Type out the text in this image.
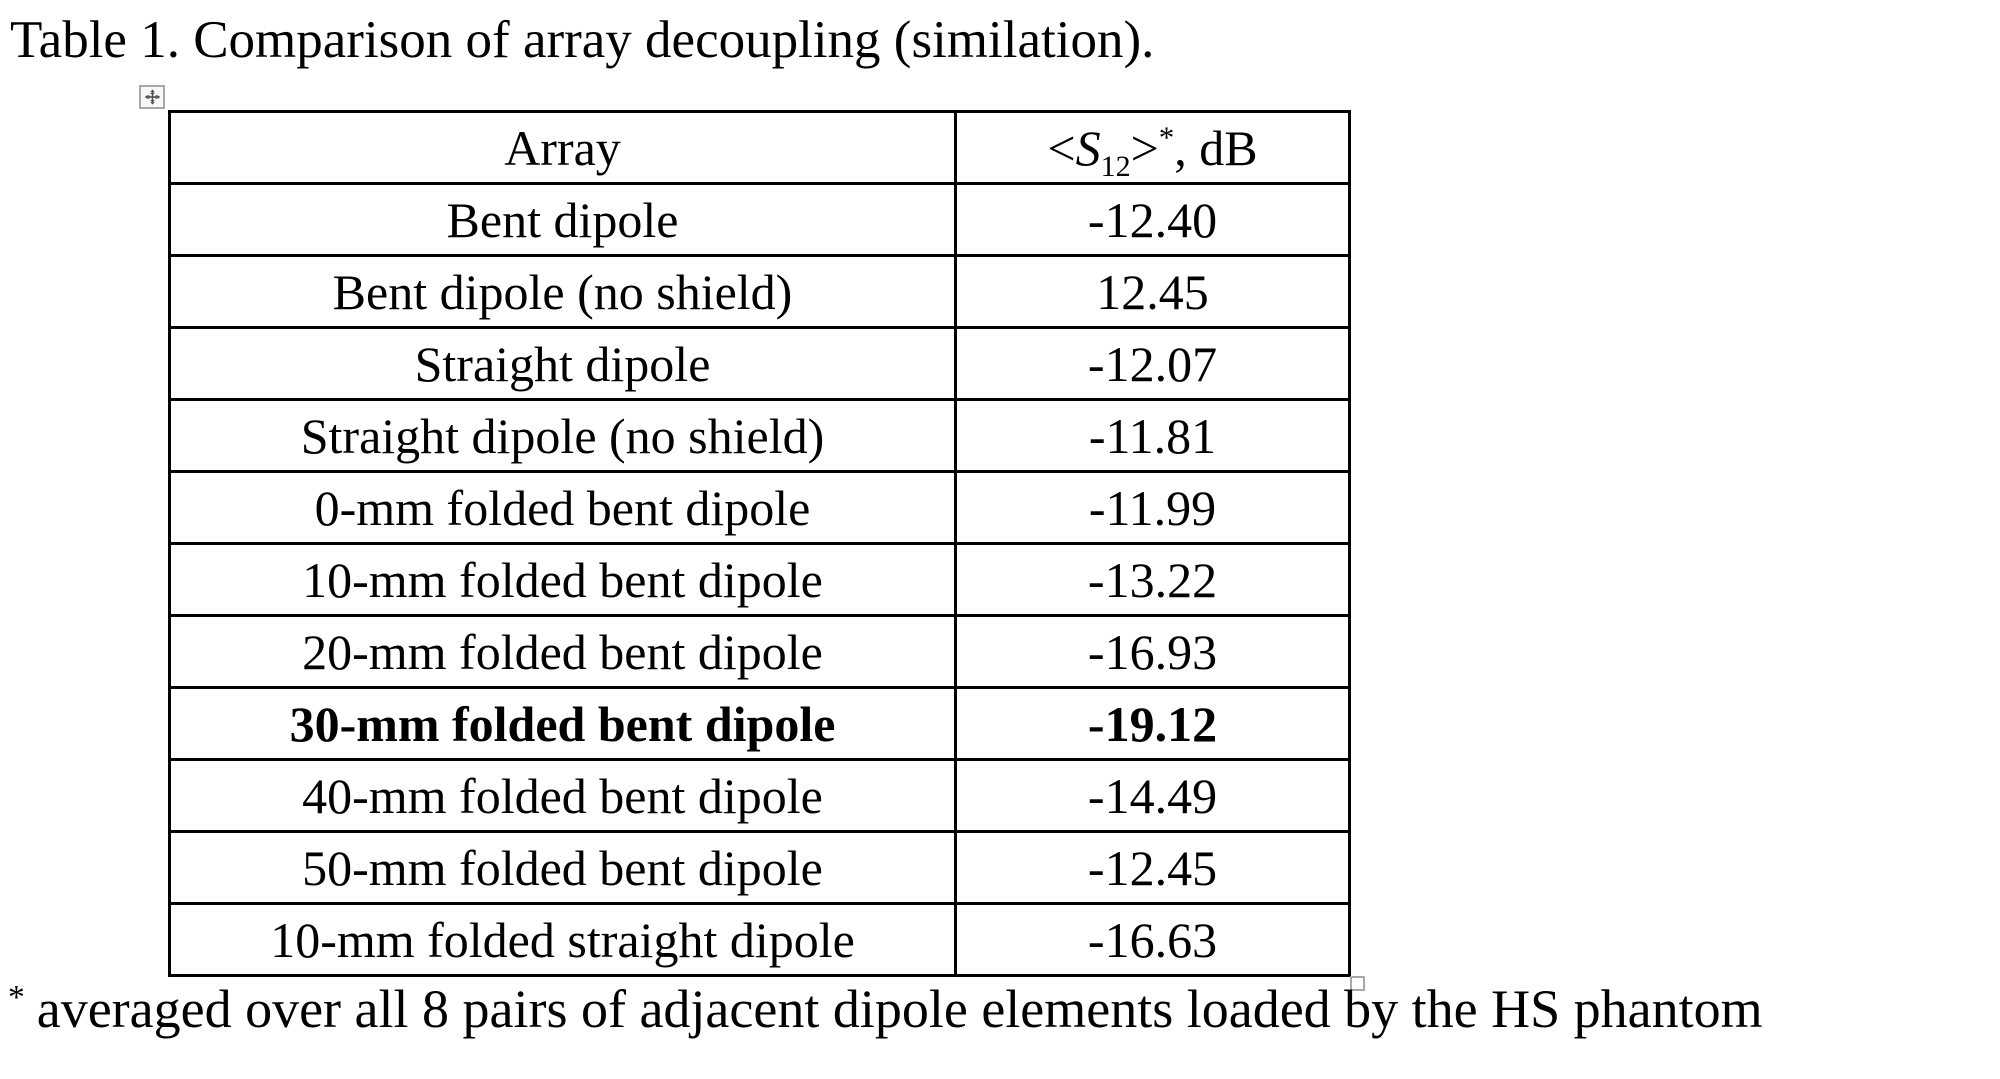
Table 1. Comparison of array decoupling (similation).

Array	$<S_{12}>^*$, dB
Bent dipole	-12.40
Bent dipole (no shield)	12.45
Straight dipole	-12.07
Straight dipole (no shield)	-11.81
0-mm folded bent dipole	-11.99
10-mm folded bent dipole	-13.22
20-mm folded bent dipole	-16.93
30-mm folded bent dipole	-19.12
40-mm folded bent dipole	-14.49
50-mm folded bent dipole	-12.45
10-mm folded straight dipole	-16.63

* averaged over all 8 pairs of adjacent dipole elements loaded by the HS phantom
